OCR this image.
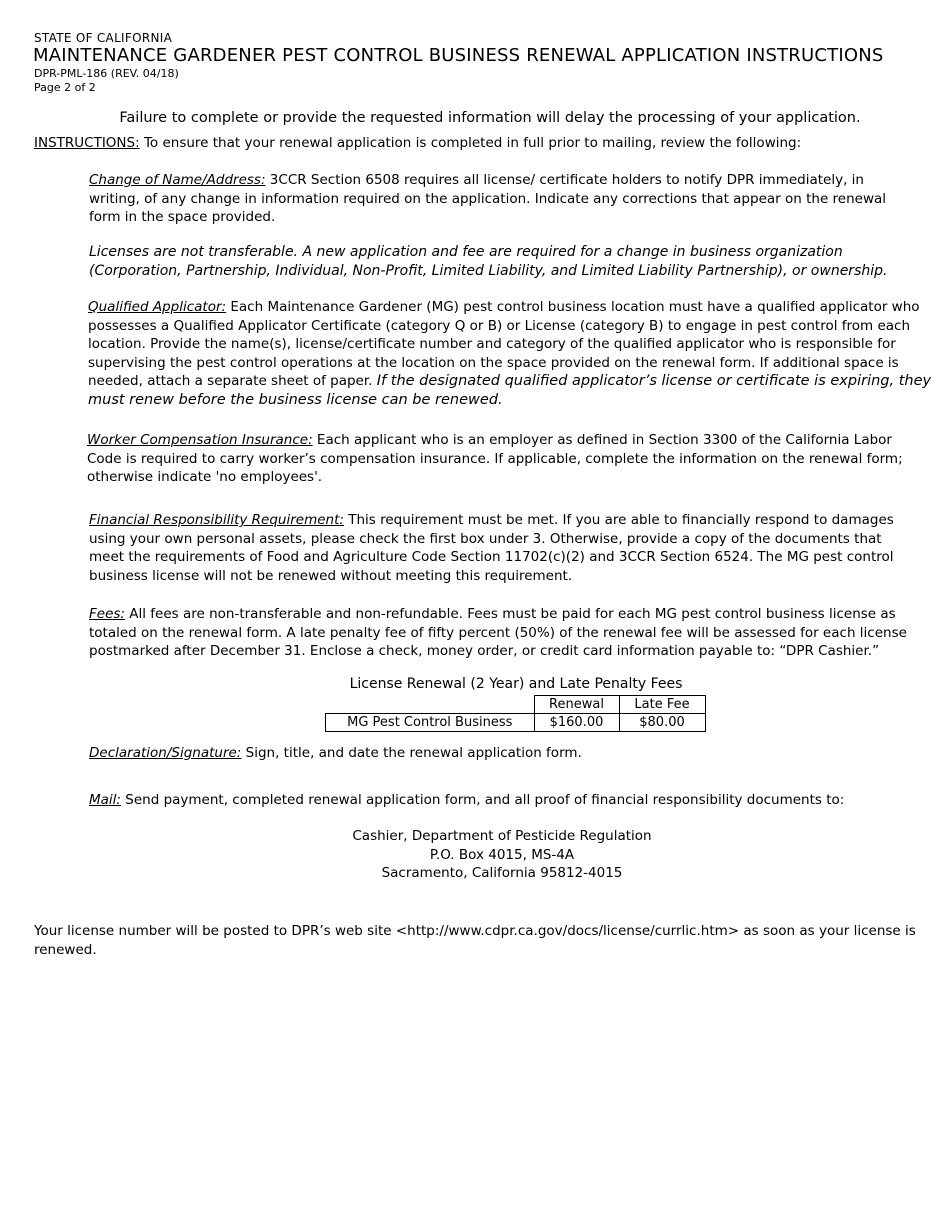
STATE OF CALIFORNIA
MAINTENANCE GARDENER PEST CONTROL BUSINESS RENEWAL APPLICATION INSTRUCTIONS
DPR-PML-186 (REV. 04/18)
Page 2 of 2
Failure to complete or provide the requested information will delay the processing of your application.
INSTRUCTIONS: To ensure that your renewal application is completed in full prior to mailing, review the following:
Change of Name/Address: 3CCR Section 6508 requires all license/ certificate holders to notify DPR immediately, in writing, of any change in information required on the application. Indicate any corrections that appear on the renewal form in the space provided.
Licenses are not transferable. A new application and fee are required for a change in business organization (Corporation, Partnership, Individual, Non-Profit, Limited Liability, and Limited Liability Partnership), or ownership.
Qualified Applicator: Each Maintenance Gardener (MG) pest control business location must have a qualified applicator who possesses a Qualified Applicator Certificate (category Q or B) or License (category B) to engage in pest control from each location. Provide the name(s), license/certificate number and category of the qualified applicator who is responsible for supervising the pest control operations at the location on the space provided on the renewal form. If additional space is needed, attach a separate sheet of paper. If the designated qualified applicator’s license or certificate is expiring, they must renew before the business license can be renewed.
Worker Compensation Insurance: Each applicant who is an employer as defined in Section 3300 of the California Labor Code is required to carry worker’s compensation insurance. If applicable, complete the information on the renewal form; otherwise indicate 'no employees'.
Financial Responsibility Requirement: This requirement must be met. If you are able to financially respond to damages using your own personal assets, please check the first box under 3. Otherwise, provide a copy of the documents that meet the requirements of Food and Agriculture Code Section 11702(c)(2) and 3CCR Section 6524. The MG pest control business license will not be renewed without meeting this requirement.
Fees: All fees are non-transferable and non-refundable. Fees must be paid for each MG pest control business license as totaled on the renewal form. A late penalty fee of fifty percent (50%) of the renewal fee will be assessed for each license postmarked after December 31. Enclose a check, money order, or credit card information payable to: “DPR Cashier.”
License Renewal (2 Year) and Late Penalty Fees
	Renewal	Late Fee
MG Pest Control Business	$160.00	$80.00
Declaration/Signature: Sign, title, and date the renewal application form.
Mail: Send payment, completed renewal application form, and all proof of financial responsibility documents to:
Cashier, Department of Pesticide Regulation
P.O. Box 4015, MS-4A
Sacramento, California 95812-4015
Your license number will be posted to DPR’s web site <http://www.cdpr.ca.gov/docs/license/currlic.htm> as soon as your license is renewed.
